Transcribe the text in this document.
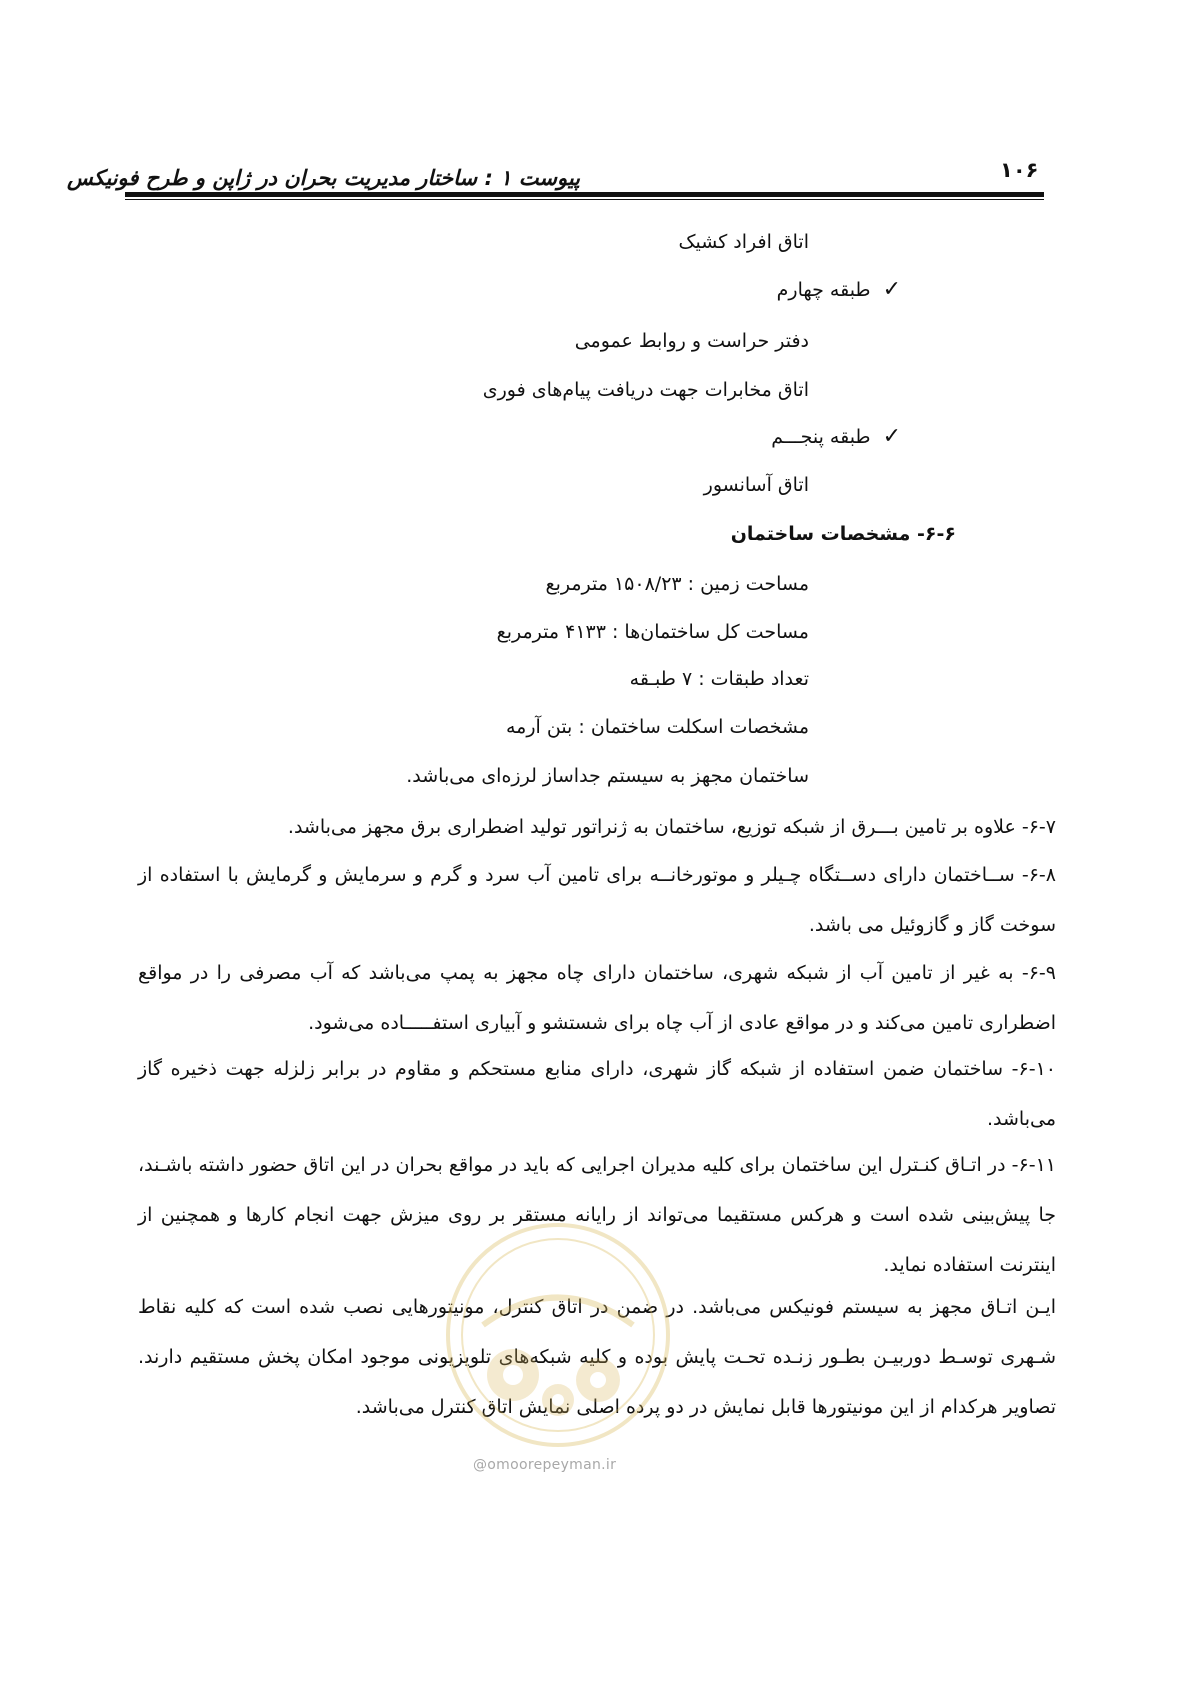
۱۰۶
پیوست ۱ : ساختار مدیریت بحران در ژاپن و طرح فونیکس
اتاق افراد کشیک
✓طبقه چهارم
دفتر حراست و روابط عمومی
اتاق مخابرات جهت دریافت پیام‌های فوری
✓طبقه پنجـــم
اتاق آسانسور
۶-۶- مشخصات ساختمان
مساحت زمین : ۱۵۰۸/۲۳ مترمربع
مساحت کل ساختمان‌ها : ۴۱۳۳ مترمربع
تعداد طبقات : ۷ طبـقه
مشخصات اسکلت ساختمان : بتن آرمه
ساختمان مجهز به سیستم جداساز لرزه‌ای می‌باشد.
۶-۷- علاوه بر تامین بـــرق از شبکه توزیع، ساختمان به ژنراتور تولید اضطراری برق مجهز می‌باشد.
۶-۸- ســاختمان دارای دســتگاه چـیلر و موتورخانــه برای تامین آب سرد و گرم و سرمایش و گرمایش با استفاده از سوخت گاز و گازوئیل می باشد.
۶-۹- به غیر از تامین آب از شبکه شهری، ساختمان دارای چاه مجهز به پمپ می‌باشد که آب مصرفی را در مواقع اضطراری تامین می‌کند و در مواقع عادی از آب چاه برای شستشو و آبیاری استفـــــاده می‌شود.
۶-۱۰- ساختمان ضمن استفاده از شبکه گاز شهری، دارای منابع مستحکم و مقاوم در برابر زلزله جهت ذخیره گاز می‌باشد.
۶-۱۱- در اتـاق کنـترل این ساختمان برای کلیه مدیران اجرایی که باید در مواقع بحران در این اتاق حضور داشته باشـند، جا پیش‌بینی شده است و هرکس مستقیما می‌تواند از رایانه مستقر بر روی میزش جهت انجام کارها و همچنین از اینترنت استفاده نماید.
ایـن اتـاق مجهز به سیستم فونیکس می‌باشد. در ضمن در اتاق کنترل، مونیتورهایی نصب شده است که کلیه نقاط شـهری توسـط دوربیـن بطـور زنـده تحـت پایش بوده و کلیه شبکه‌های تلویزیونی موجود امکان پخش مستقیم دارند. تصاویر هرکدام از این مونیتورها قابل نمایش در دو پرده اصلی نمایش اتاق کنترل می‌باشد.
@omoorepeyman.ir
